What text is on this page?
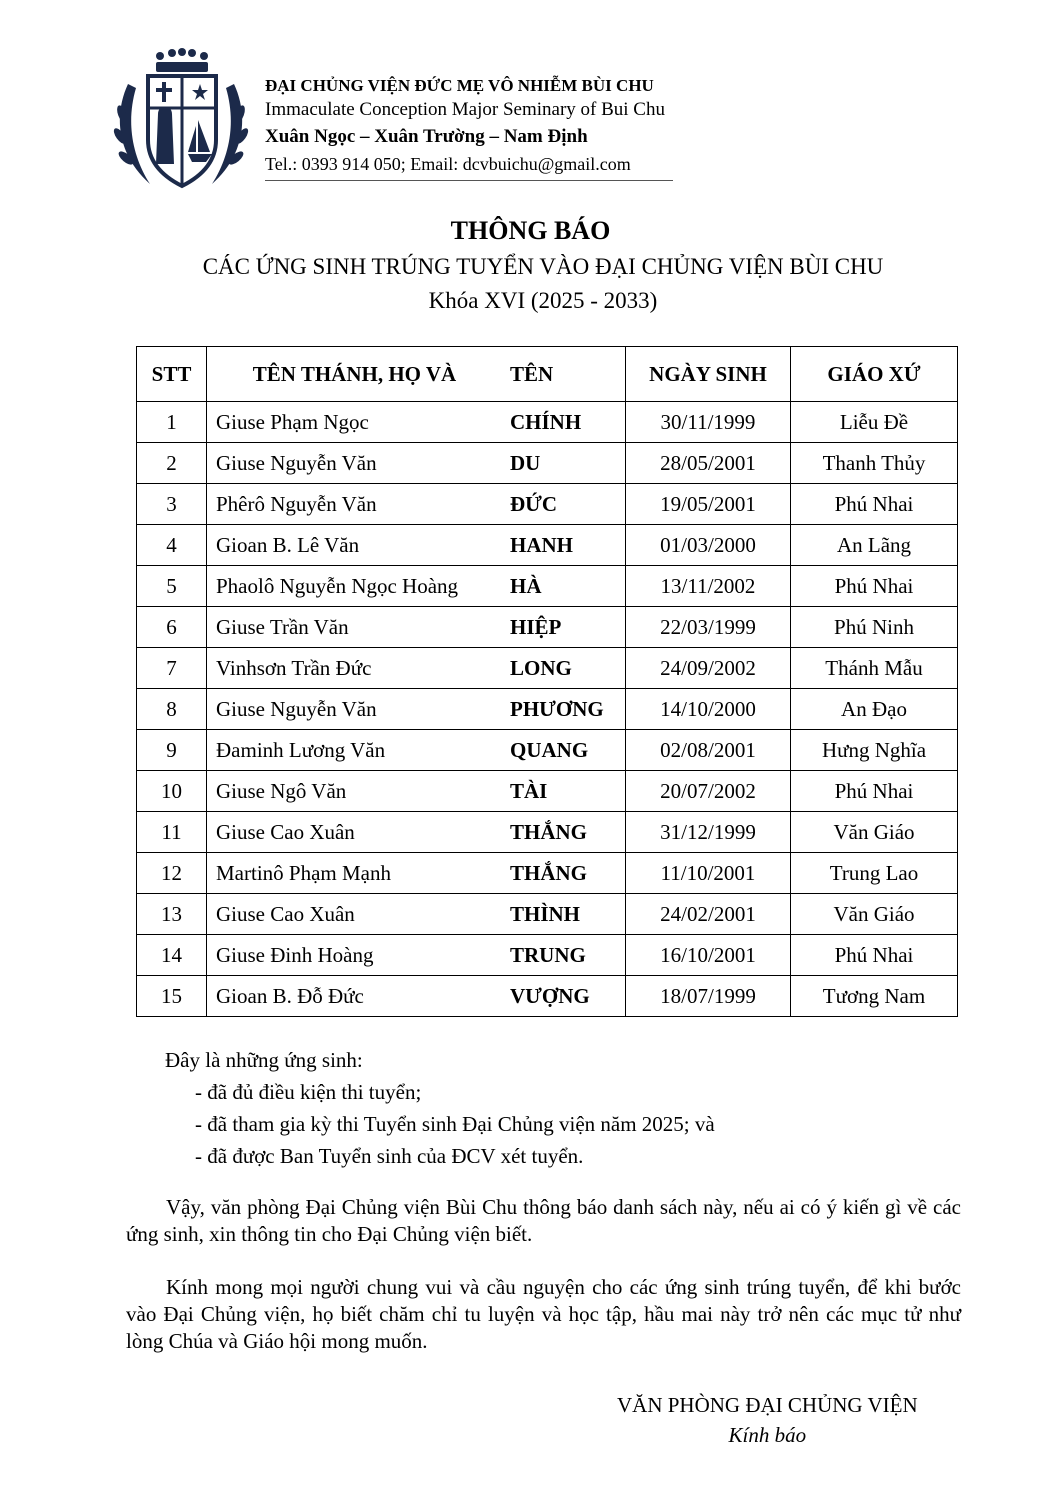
ĐẠI CHỦNG VIỆN ĐỨC MẸ VÔ NHIỄM BÙI CHU
Immaculate Conception Major Seminary of Bui Chu
Xuân Ngọc – Xuân Trường – Nam Định
Tel.: 0393 914 050; Email: dcvbuichu@gmail.com
THÔNG BÁO
CÁC ỨNG SINH TRÚNG TUYỂN VÀO ĐẠI CHỦNG VIỆN BÙI CHU
Khóa XVI (2025 - 2033)
STT	TÊN THÁNH, HỌ VÀ	TÊN	NGÀY SINH	GIÁO XỨ
1	Giuse Phạm Ngọc	CHÍNH	30/11/1999	Liễu Đề
2	Giuse Nguyễn Văn	DU	28/05/2001	Thanh Thủy
3	Phêrô Nguyễn Văn	ĐỨC	19/05/2001	Phú Nhai
4	Gioan B. Lê Văn	HANH	01/03/2000	An Lãng
5	Phaolô Nguyễn Ngọc Hoàng	HÀ	13/11/2002	Phú Nhai
6	Giuse Trần Văn	HIỆP	22/03/1999	Phú Ninh
7	Vinhsơn Trần Đức	LONG	24/09/2002	Thánh Mẫu
8	Giuse Nguyễn Văn	PHƯƠNG	14/10/2000	An Đạo
9	Đaminh Lương Văn	QUANG	02/08/2001	Hưng Nghĩa
10	Giuse Ngô Văn	TÀI	20/07/2002	Phú Nhai
11	Giuse Cao Xuân	THẮNG	31/12/1999	Văn Giáo
12	Martinô Phạm Mạnh	THẮNG	11/10/2001	Trung Lao
13	Giuse Cao Xuân	THÌNH	24/02/2001	Văn Giáo
14	Giuse Đinh Hoàng	TRUNG	16/10/2001	Phú Nhai
15	Gioan B. Đỗ Đức	VƯỢNG	18/07/1999	Tương Nam
Đây là những ứng sinh:
- đã đủ điều kiện thi tuyển;
- đã tham gia kỳ thi Tuyển sinh Đại Chủng viện năm 2025; và
- đã được Ban Tuyển sinh của ĐCV xét tuyển.
Vậy, văn phòng Đại Chủng viện Bùi Chu thông báo danh sách này, nếu ai có ý kiến gì về các ứng sinh, xin thông tin cho Đại Chủng viện biết.
Kính mong mọi người chung vui và cầu nguyện cho các ứng sinh trúng tuyển, để khi bước vào Đại Chủng viện, họ biết chăm chỉ tu luyện và học tập, hầu mai này trở nên các mục tử như lòng Chúa và Giáo hội mong muốn.
VĂN PHÒNG ĐẠI CHỦNG VIỆN
Kính báo
